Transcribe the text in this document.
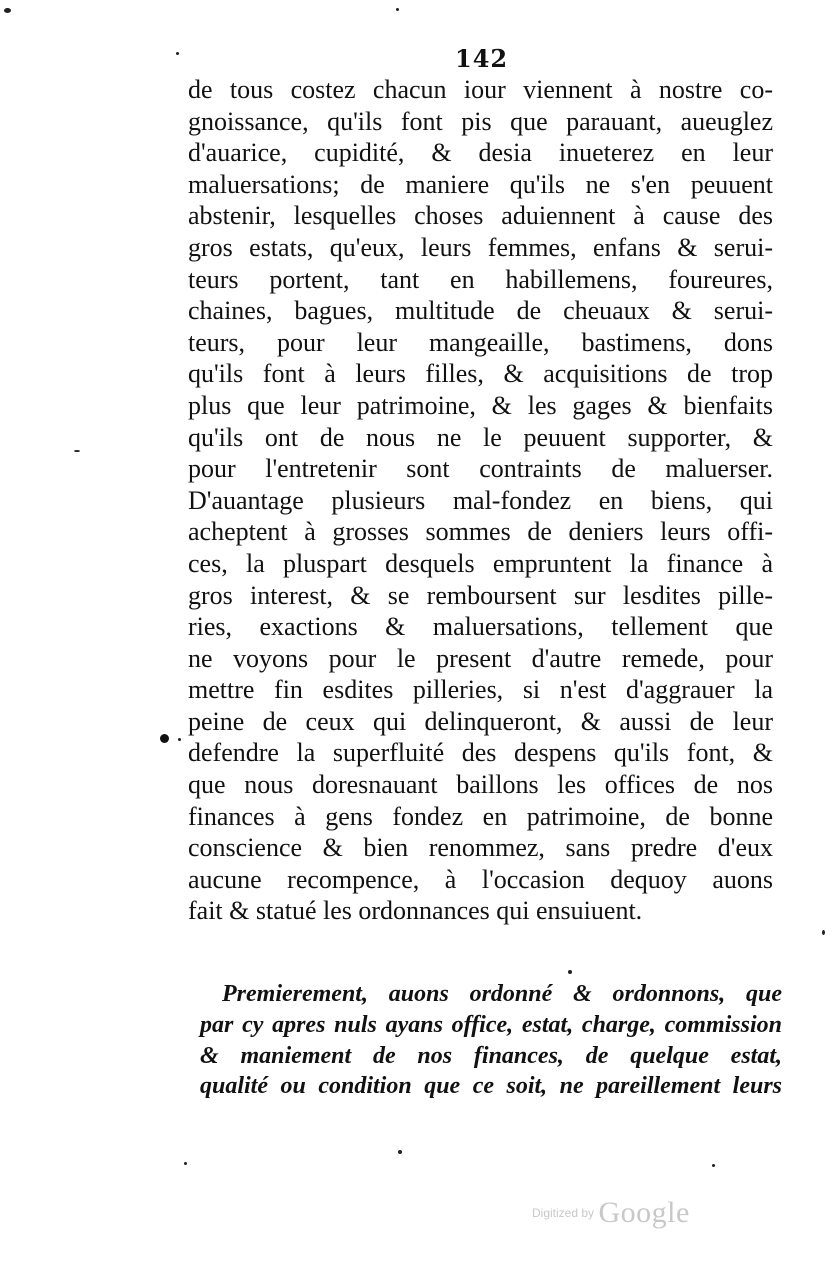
142
de tous costez chacun iour viennent à nostre co-
gnoissance, qu'ils font pis que parauant, aueuglez
d'auarice, cupidité, & desia inueterez en leur
maluersations; de maniere qu'ils ne s'en peuuent
abstenir, lesquelles choses aduiennent à cause des
gros estats, qu'eux, leurs femmes, enfans & serui-
teurs portent, tant en habillemens, foureures,
chaines, bagues, multitude de cheuaux & serui-
teurs, pour leur mangeaille, bastimens, dons
qu'ils font à leurs filles, & acquisitions de trop
plus que leur patrimoine, & les gages & bienfaits
qu'ils ont de nous ne le peuuent supporter, &
pour l'entretenir sont contraints de maluerser.
D'auantage plusieurs mal-fondez en biens, qui
acheptent à grosses sommes de deniers leurs offi-
ces, la pluspart desquels empruntent la finance à
gros interest, & se remboursent sur lesdites pille-
ries, exactions & maluersations, tellement que
ne voyons pour le present d'autre remede, pour
mettre fin esdites pilleries, si n'est d'aggrauer la
peine de ceux qui delinqueront, & aussi de leur
defendre la superfluité des despens qu'ils font, &
que nous doresnauant baillons les offices de nos
finances à gens fondez en patrimoine, de bonne
conscience & bien renommez, sans predre d'eux
aucune recompence, à l'occasion dequoy auons
fait & statué les ordonnances qui ensuiuent.
Premierement, auons ordonné & ordonnons, que
par cy apres nuls ayans office, estat, charge, commission
& maniement de nos finances, de quelque estat,
qualité ou condition que ce soit, ne pareillement leurs
Digitized by Google
